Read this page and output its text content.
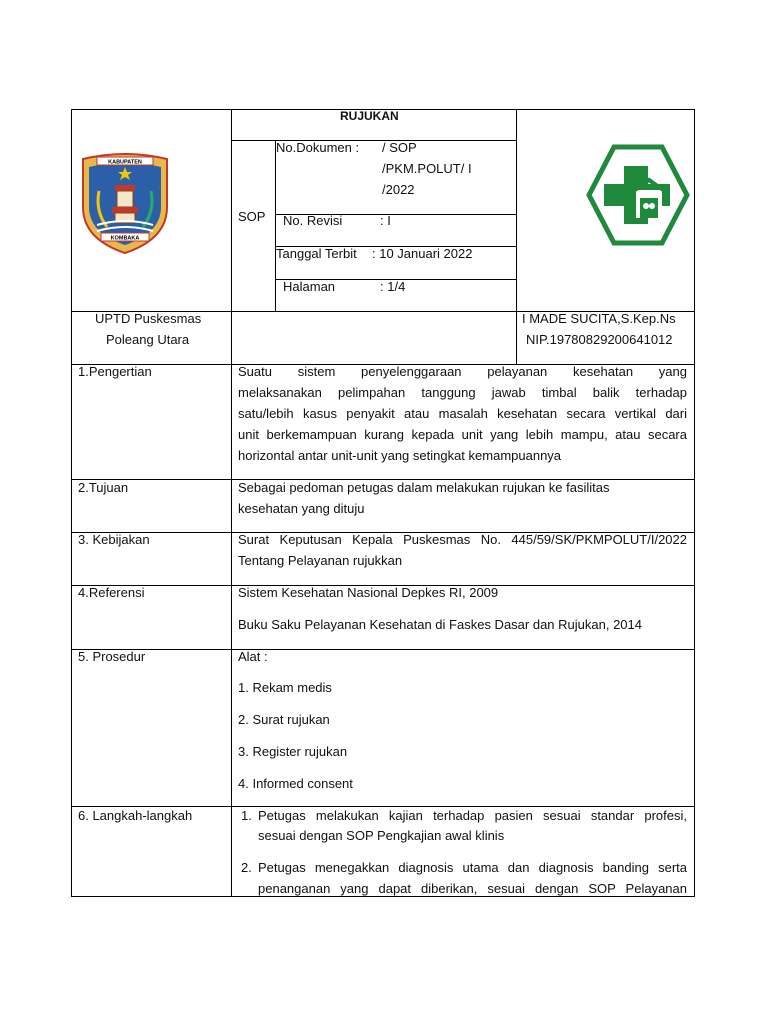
KABUPATEN
KOMBAKA
RUJUKAN
SOP
No.Dokumen : / SOP
/PKM.POLUT/ I
/2022
No. Revisi	: I
Tanggal Terbit : 10 Januari 2022
Halaman	: 1/4
UPTD Puskesmas
Poleang Utara
I MADE SUCITA,S.Kep.Ns
NIP.19780829200641012
1.Pengertian	Suatu sistem penyelenggaraan pelayanan kesehatan yang
melaksanakan pelimpahan tanggung jawab timbal balik terhadap
satu/lebih kasus penyakit atau masalah kesehatan secara vertikal dari
unit berkemampuan kurang kepada unit yang lebih mampu, atau secara
horizontal antar unit-unit yang setingkat kemampuannya
2.Tujuan	Sebagai pedoman petugas dalam melakukan rujukan ke fasilitas
kesehatan yang dituju
3. Kebijakan	Surat Keputusan Kepala Puskesmas No. 445/59/SK/PKMPOLUT/I/2022
Tentang Pelayanan rujukkan
4.Referensi	Sistem Kesehatan Nasional Depkes RI, 2009
Buku Saku Pelayanan Kesehatan di Faskes Dasar dan Rujukan, 2014
5. Prosedur	Alat :
1. Rekam medis
2. Surat rujukan
3. Register rujukan
4. Informed consent
6. Langkah-langkah	1. Petugas melakukan kajian terhadap pasien sesuai standar profesi,
sesuai dengan SOP Pengkajian awal klinis
2. Petugas menegakkan diagnosis utama dan diagnosis banding serta
penanganan yang dapat diberikan, sesuai dengan SOP Pelayanan
